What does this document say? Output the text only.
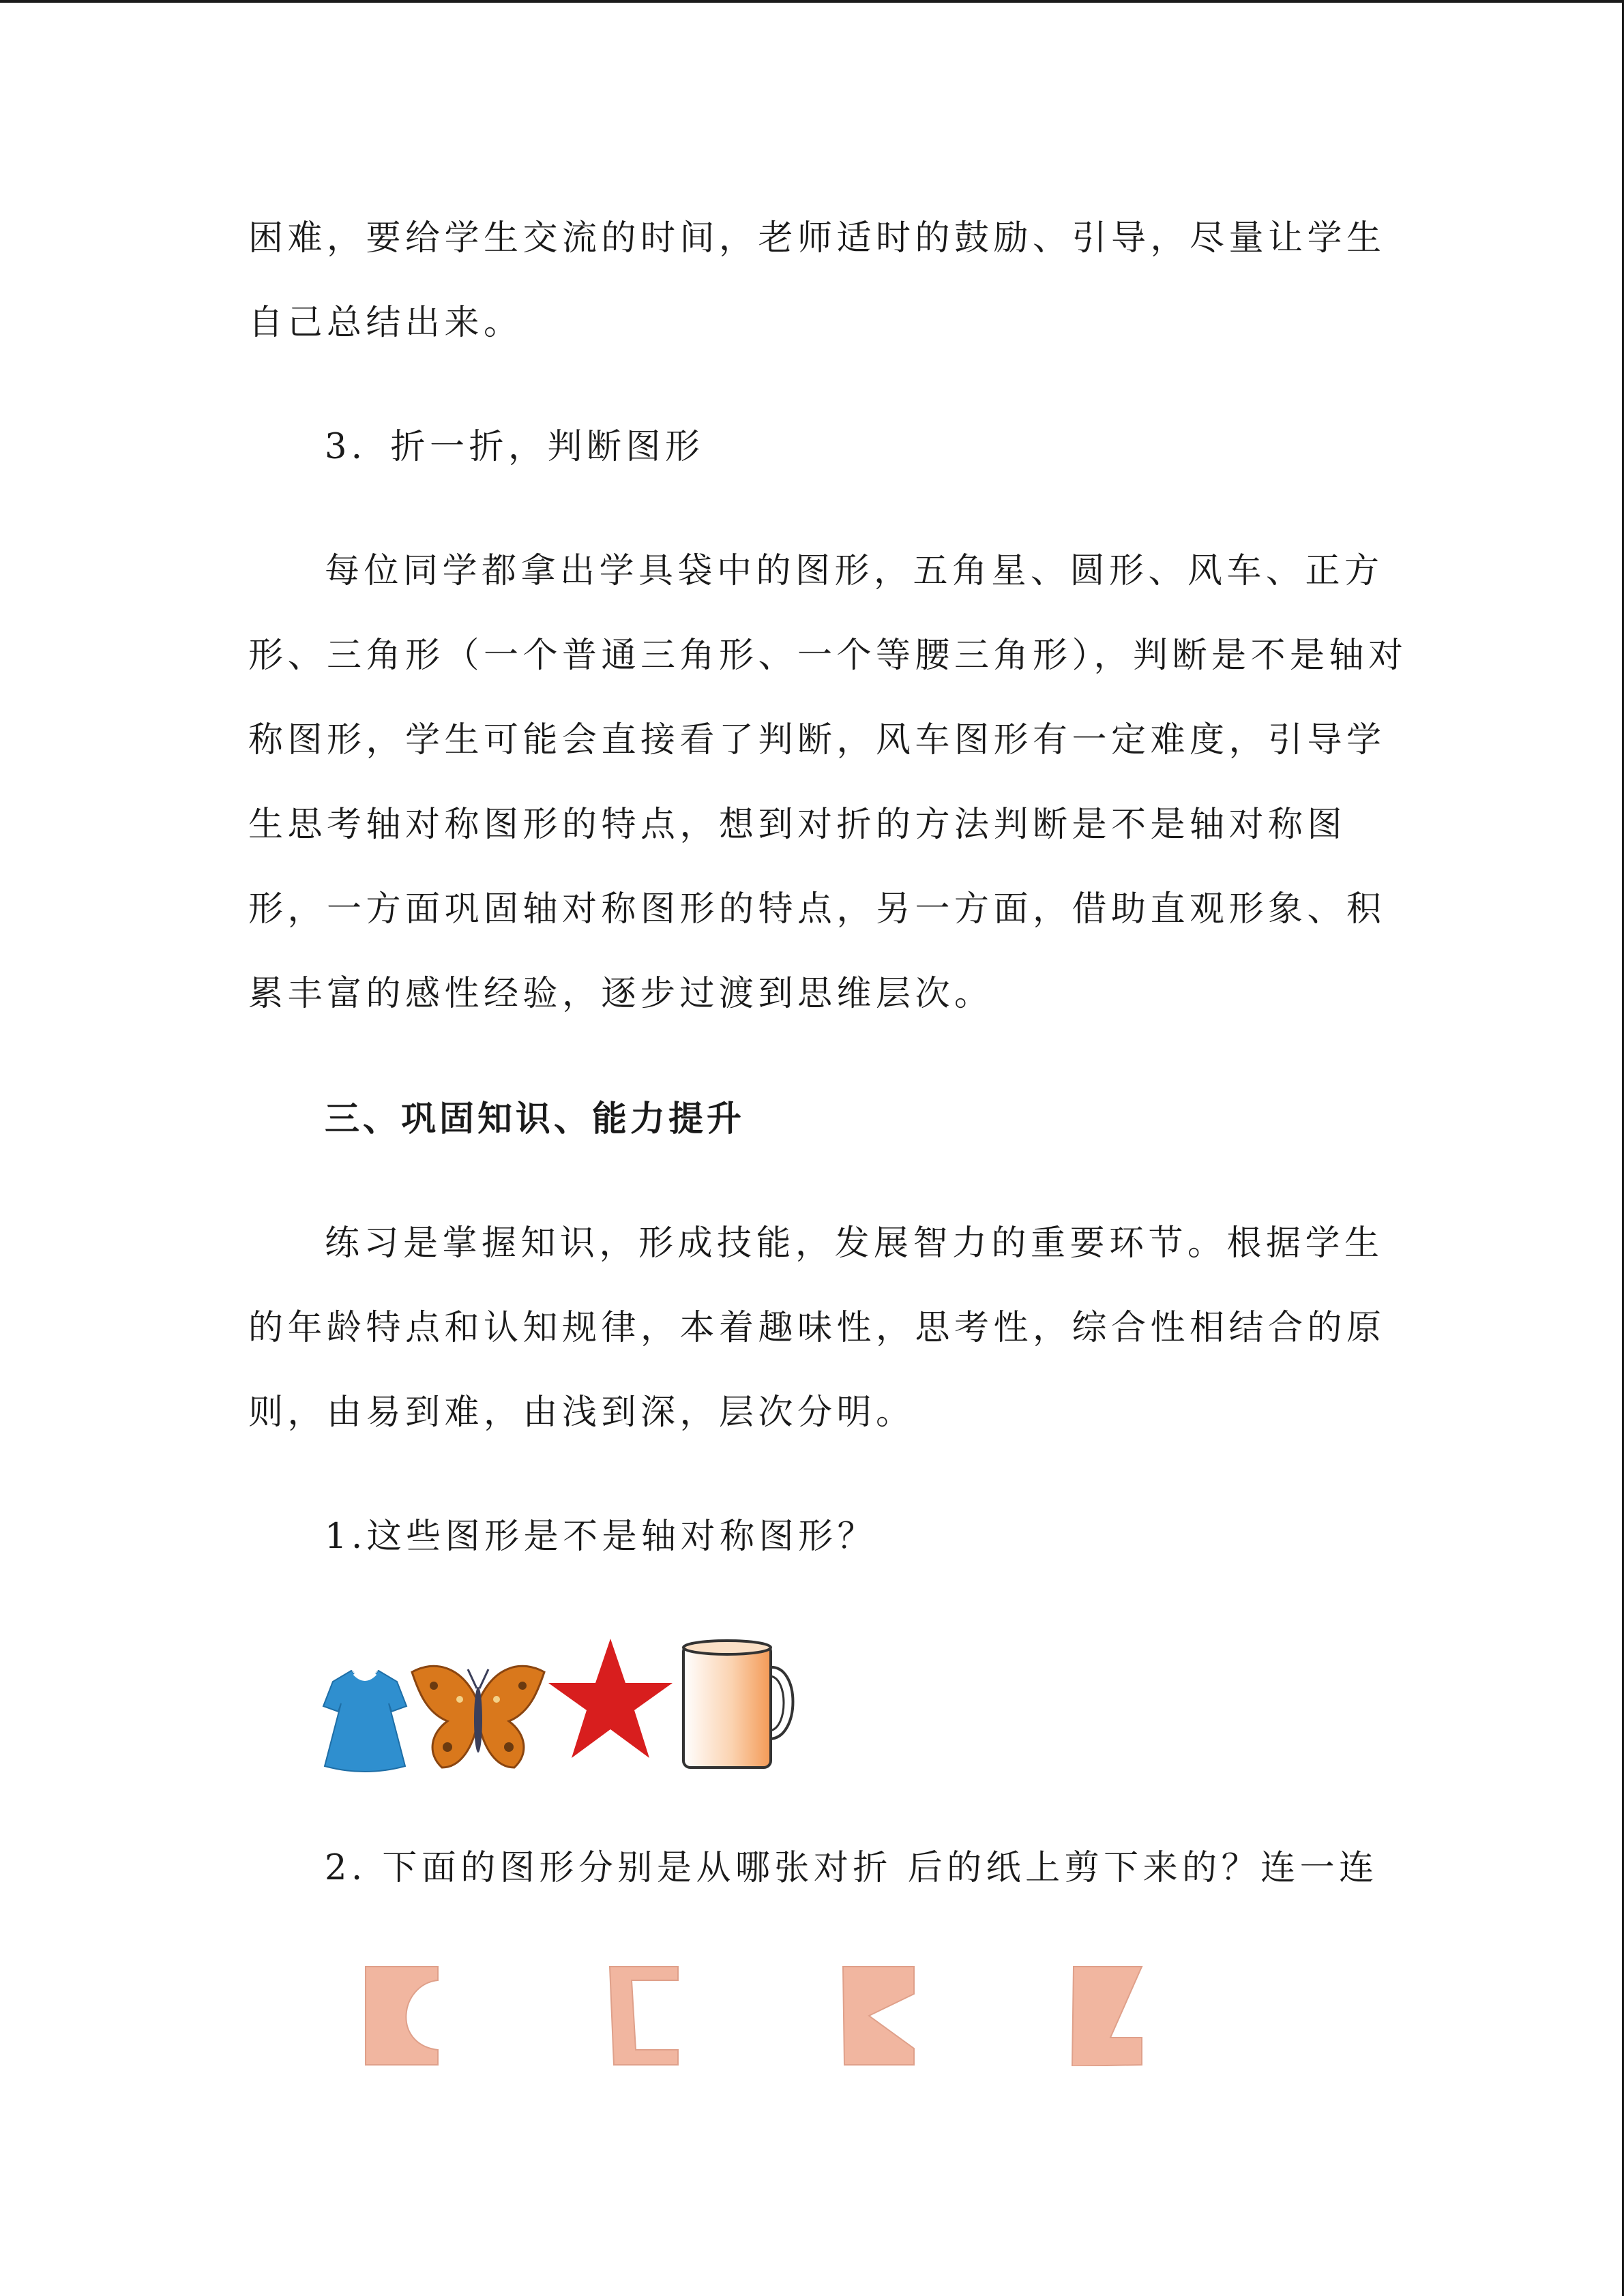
困难，要给学生交流的时间，老师适时的鼓励、引导，尽量让学生
自己总结出来。
3．折一折，判断图形
每位同学都拿出学具袋中的图形，五角星、圆形、风车、正方
形、三角形（一个普通三角形、一个等腰三角形），判断是不是轴对
称图形，学生可能会直接看了判断，风车图形有一定难度，引导学
生思考轴对称图形的特点，想到对折的方法判断是不是轴对称图
形，一方面巩固轴对称图形的特点，另一方面，借助直观形象、积
累丰富的感性经验，逐步过渡到思维层次。
三、巩固知识、能力提升
练习是掌握知识，形成技能，发展智力的重要环节。根据学生
的年龄特点和认知规律，本着趣味性，思考性，综合性相结合的原
则，由易到难，由浅到深，层次分明。
1.这些图形是不是轴对称图形？
2. 下面的图形分别是从哪张对折 后的纸上剪下来的？连一连
